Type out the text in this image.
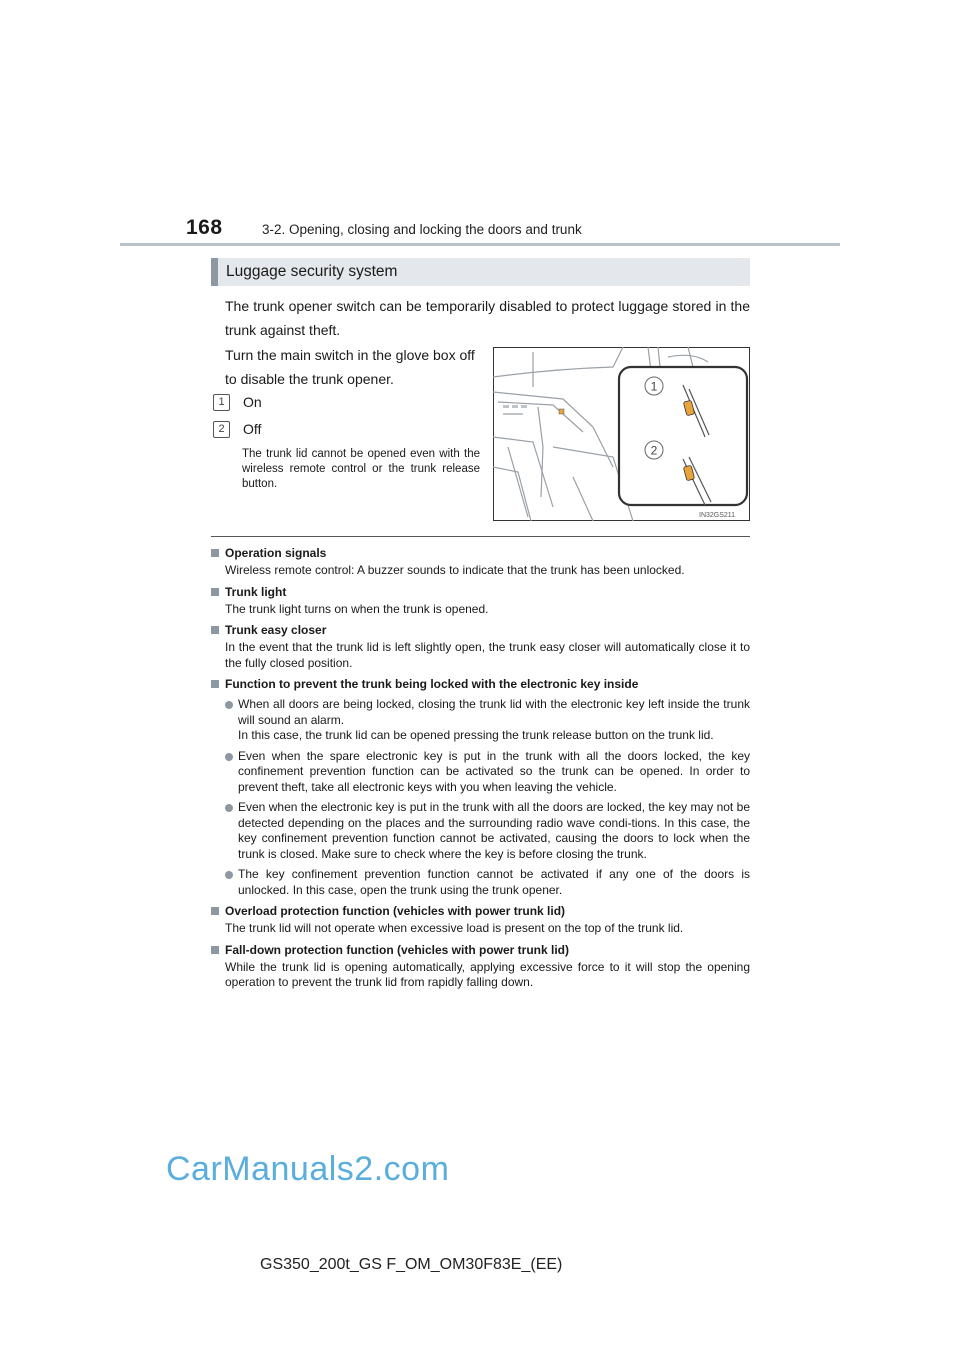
168	3-2. Opening, closing and locking the doors and trunk
Luggage security system
The trunk opener switch can be temporarily disabled to protect luggage stored in the trunk against theft.
Turn the main switch in the glove box off to disable the trunk opener.
1	On
2	Off
The trunk lid cannot be opened even with the wireless remote control or the trunk release button.
1
2
IN32GS211
Operation signals
Wireless remote control: A buzzer sounds to indicate that the trunk has been unlocked.
Trunk light
The trunk light turns on when the trunk is opened.
Trunk easy closer
In the event that the trunk lid is left slightly open, the trunk easy closer will automatically close it to the fully closed position.
Function to prevent the trunk being locked with the electronic key inside
When all doors are being locked, closing the trunk lid with the electronic key left inside the trunk will sound an alarm.
In this case, the trunk lid can be opened pressing the trunk release button on the trunk lid.
Even when the spare electronic key is put in the trunk with all the doors locked, the key confinement prevention function can be activated so the trunk can be opened. In order to prevent theft, take all electronic keys with you when leaving the vehicle.
Even when the electronic key is put in the trunk with all the doors are locked, the key may not be detected depending on the places and the surrounding radio wave condi-tions. In this case, the key confinement prevention function cannot be activated, causing the doors to lock when the trunk is closed. Make sure to check where the key is before closing the trunk.
The key confinement prevention function cannot be activated if any one of the doors is unlocked. In this case, open the trunk using the trunk opener.
Overload protection function (vehicles with power trunk lid)
The trunk lid will not operate when excessive load is present on the top of the trunk lid.
Fall-down protection function (vehicles with power trunk lid)
While the trunk lid is opening automatically, applying excessive force to it will stop the opening operation to prevent the trunk lid from rapidly falling down.
CarManuals2.com
GS350_200t_GS F_OM_OM30F83E_(EE)
